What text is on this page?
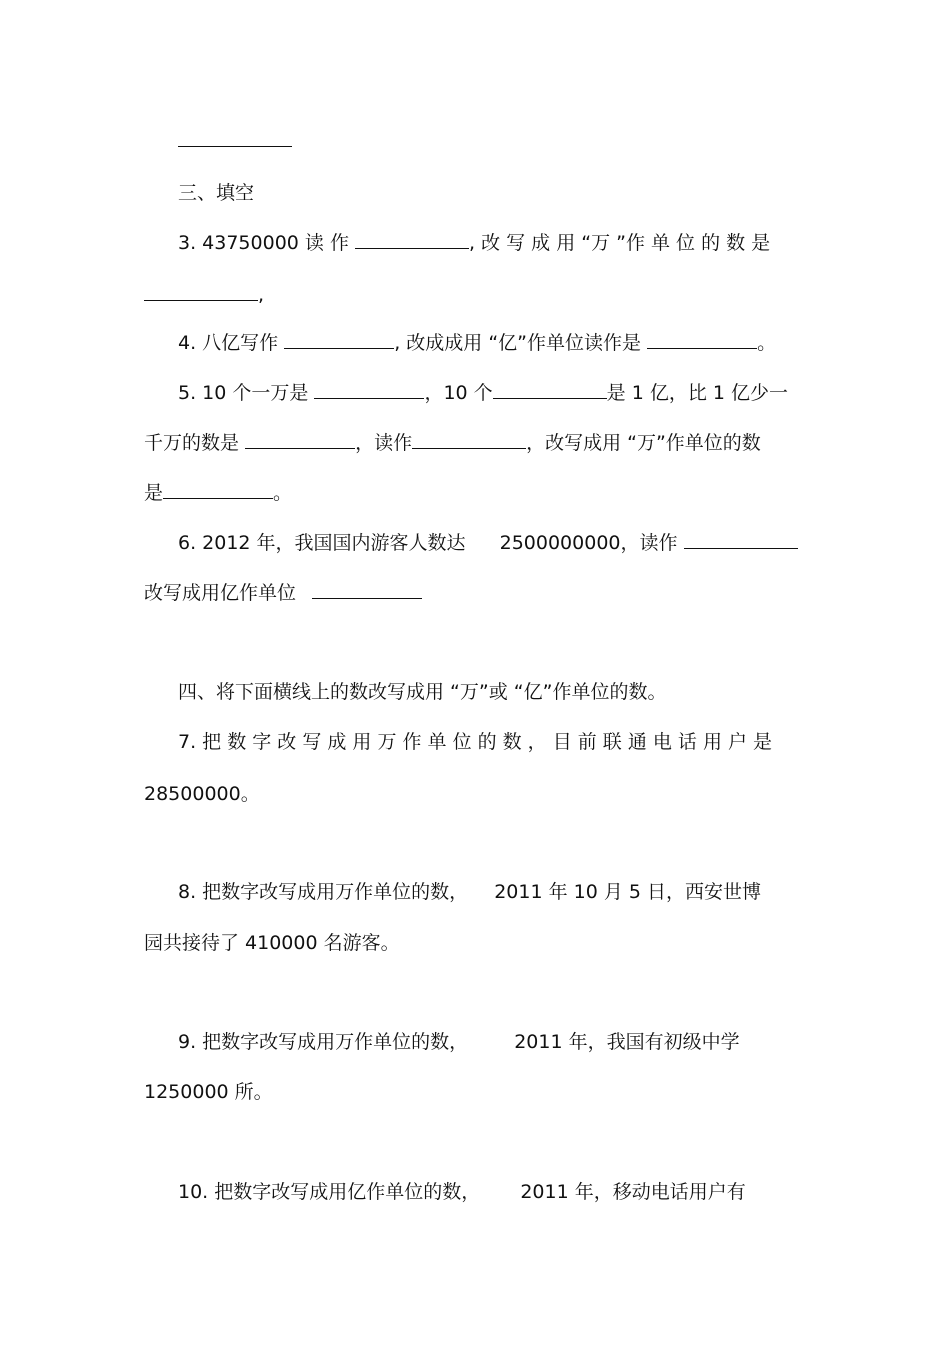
三、填空
3. 43750000 读 作	, 改 写 成 用 “万 ”作 单 位 的 数 是
,
4. 八亿写作	, 改成成用 “亿”作单位读作是	。
5. 10 个一万是	，10 个	是 1 亿，比 1 亿少一
千万的数是	，读作	，改写成用 “万”作单位的数
是	。
6. 2012 年，我国国内游客人数达 2500000000，读作
改写成用亿作单位
四、将下面横线上的数改写成用 “万”或 “亿”作单位的数。
7. 把 数 字 改 写 成 用 万 作 单 位 的 数 ， 目 前 联 通 电 话 用 户 是
28500000。
8. 把数字改写成用万作单位的数， 2011 年 10 月 5 日，西安世博
园共接待了 410000 名游客。
9. 把数字改写成用万作单位的数， 2011 年，我国有初级中学
1250000 所。
10. 把数字改写成用亿作单位的数， 2011 年，移动电话用户有
